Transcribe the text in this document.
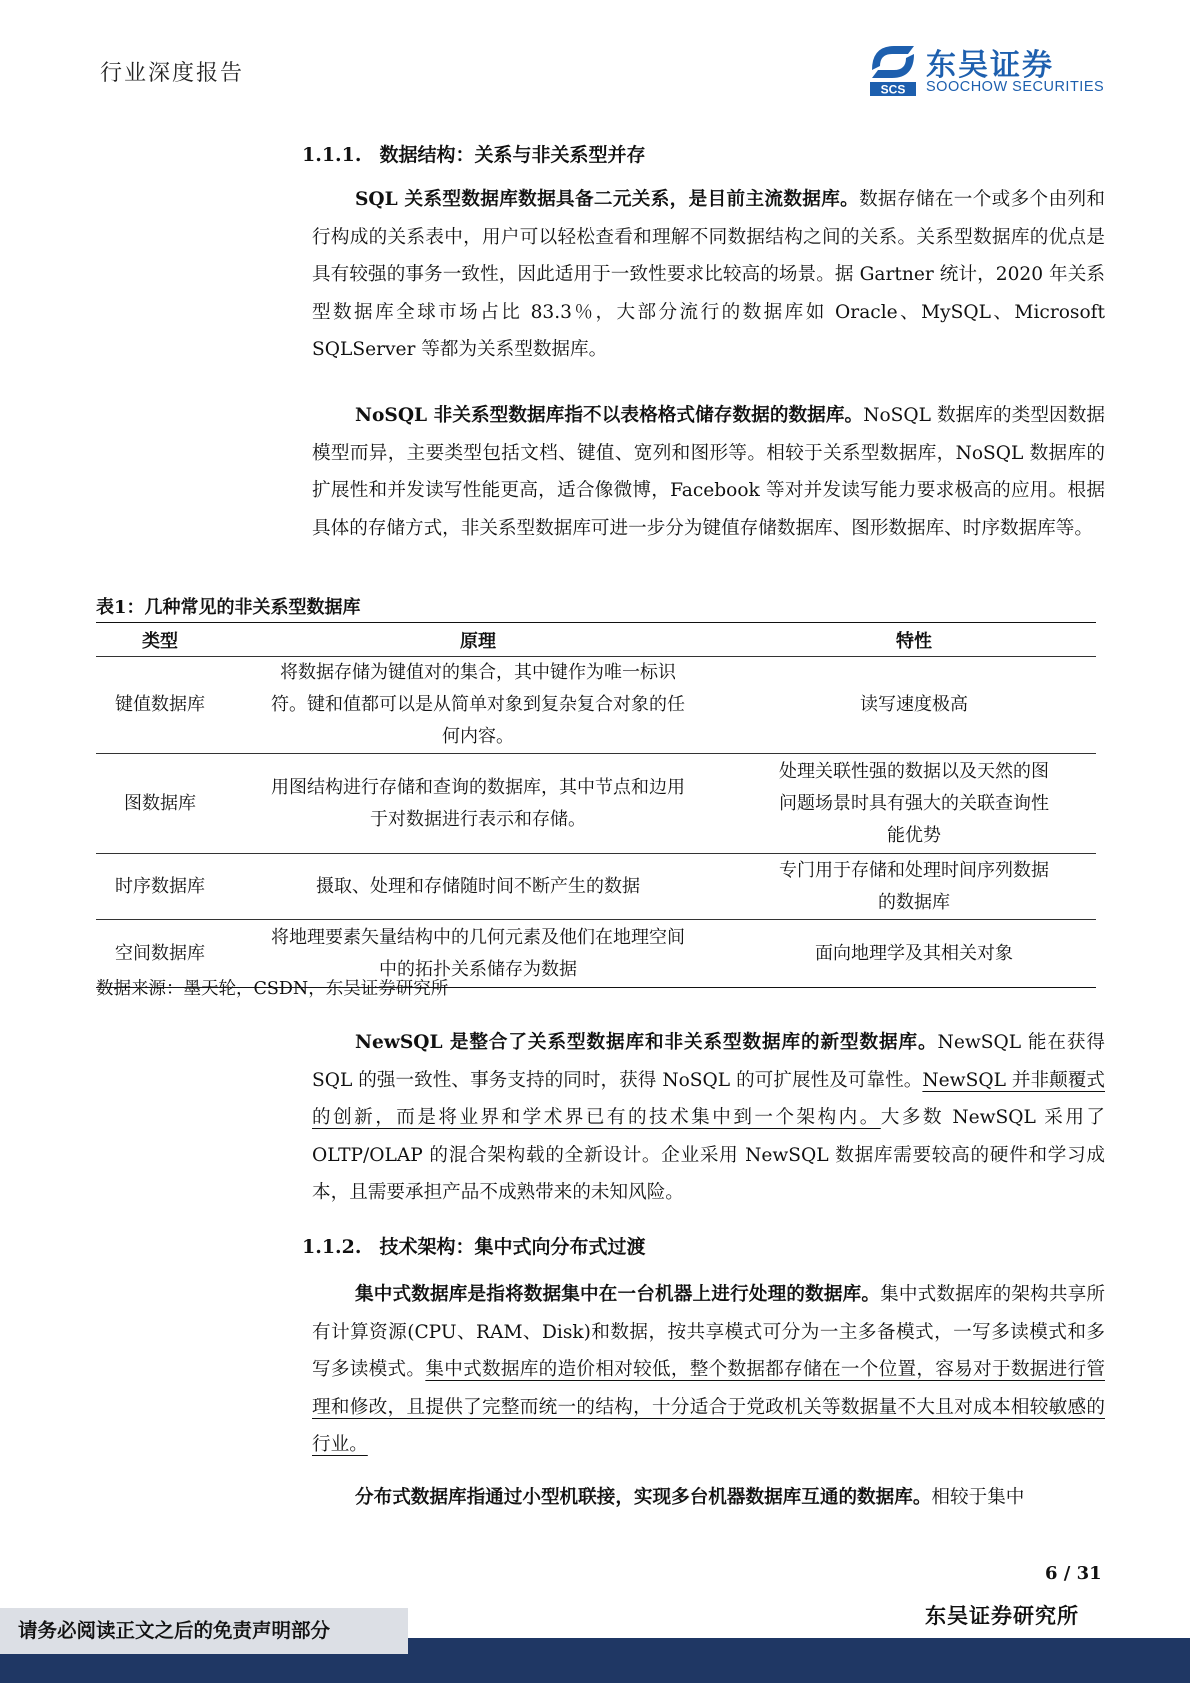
行业深度报告
SCS
东吴证券
SOOCHOW SECURITIES
1.1.1. 数据结构：关系与非关系型并存

SQL 关系型数据库数据具备二元关系，是目前主流数据库。数据存储在一个或多个由列和行构成的关系表中，用户可以轻松查看和理解不同数据结构之间的关系。关系型数据库的优点是具有较强的事务一致性，因此适用于一致性要求比较高的场景。据 Gartner 统计，2020 年关系型数据库全球市场占比 83.3％，大部分流行的数据库如 Oracle、MySQL、Microsoft SQLServer 等都为关系型数据库。

NoSQL 非关系型数据库指不以表格格式储存数据的数据库。NoSQL 数据库的类型因数据模型而异，主要类型包括文档、键值、宽列和图形等。相较于关系型数据库，NoSQL 数据库的扩展性和并发读写性能更高，适合像微博，Facebook 等对并发读写能力要求极高的应用。根据具体的存储方式，非关系型数据库可进一步分为键值存储数据库、图形数据库、时序数据库等。

表1：几种常见的非关系型数据库
类型	原理	特性
键值数据库	将数据存储为键值对的集合，其中键作为唯一标识符。键和值都可以是从简单对象到复杂复合对象的任何内容。	读写速度极高
图数据库	用图结构进行存储和查询的数据库，其中节点和边用于对数据进行表示和存储。	处理关联性强的数据以及天然的图问题场景时具有强大的关联查询性能优势
时序数据库	摄取、处理和存储随时间不断产生的数据	专门用于存储和处理时间序列数据的数据库
空间数据库	将地理要素矢量结构中的几何元素及他们在地理空间中的拓扑关系储存为数据	面向地理学及其相关对象
数据来源：墨天轮，CSDN，东吴证券研究所

NewSQL 是整合了关系型数据库和非关系型数据库的新型数据库。NewSQL 能在获得 SQL 的强一致性、事务支持的同时，获得 NoSQL 的可扩展性及可靠性。NewSQL 并非颠覆式的创新，而是将业界和学术界已有的技术集中到一个架构内。大多数 NewSQL 采用了 OLTP/OLAP 的混合架构载的全新设计。企业采用 NewSQL 数据库需要较高的硬件和学习成本，且需要承担产品不成熟带来的未知风险。

1.1.2. 技术架构：集中式向分布式过渡

集中式数据库是指将数据集中在一台机器上进行处理的数据库。集中式数据库的架构共享所有计算资源(CPU、RAM、Disk)和数据，按共享模式可分为一主多备模式，一写多读模式和多写多读模式。集中式数据库的造价相对较低，整个数据都存储在一个位置，容易对于数据进行管理和修改，且提供了完整而统一的结构，十分适合于党政机关等数据量不大且对成本相较敏感的行业。

分布式数据库指通过小型机联接，实现多台机器数据库互通的数据库。相较于集中

6 / 31
东吴证券研究所
请务必阅读正文之后的免责声明部分
